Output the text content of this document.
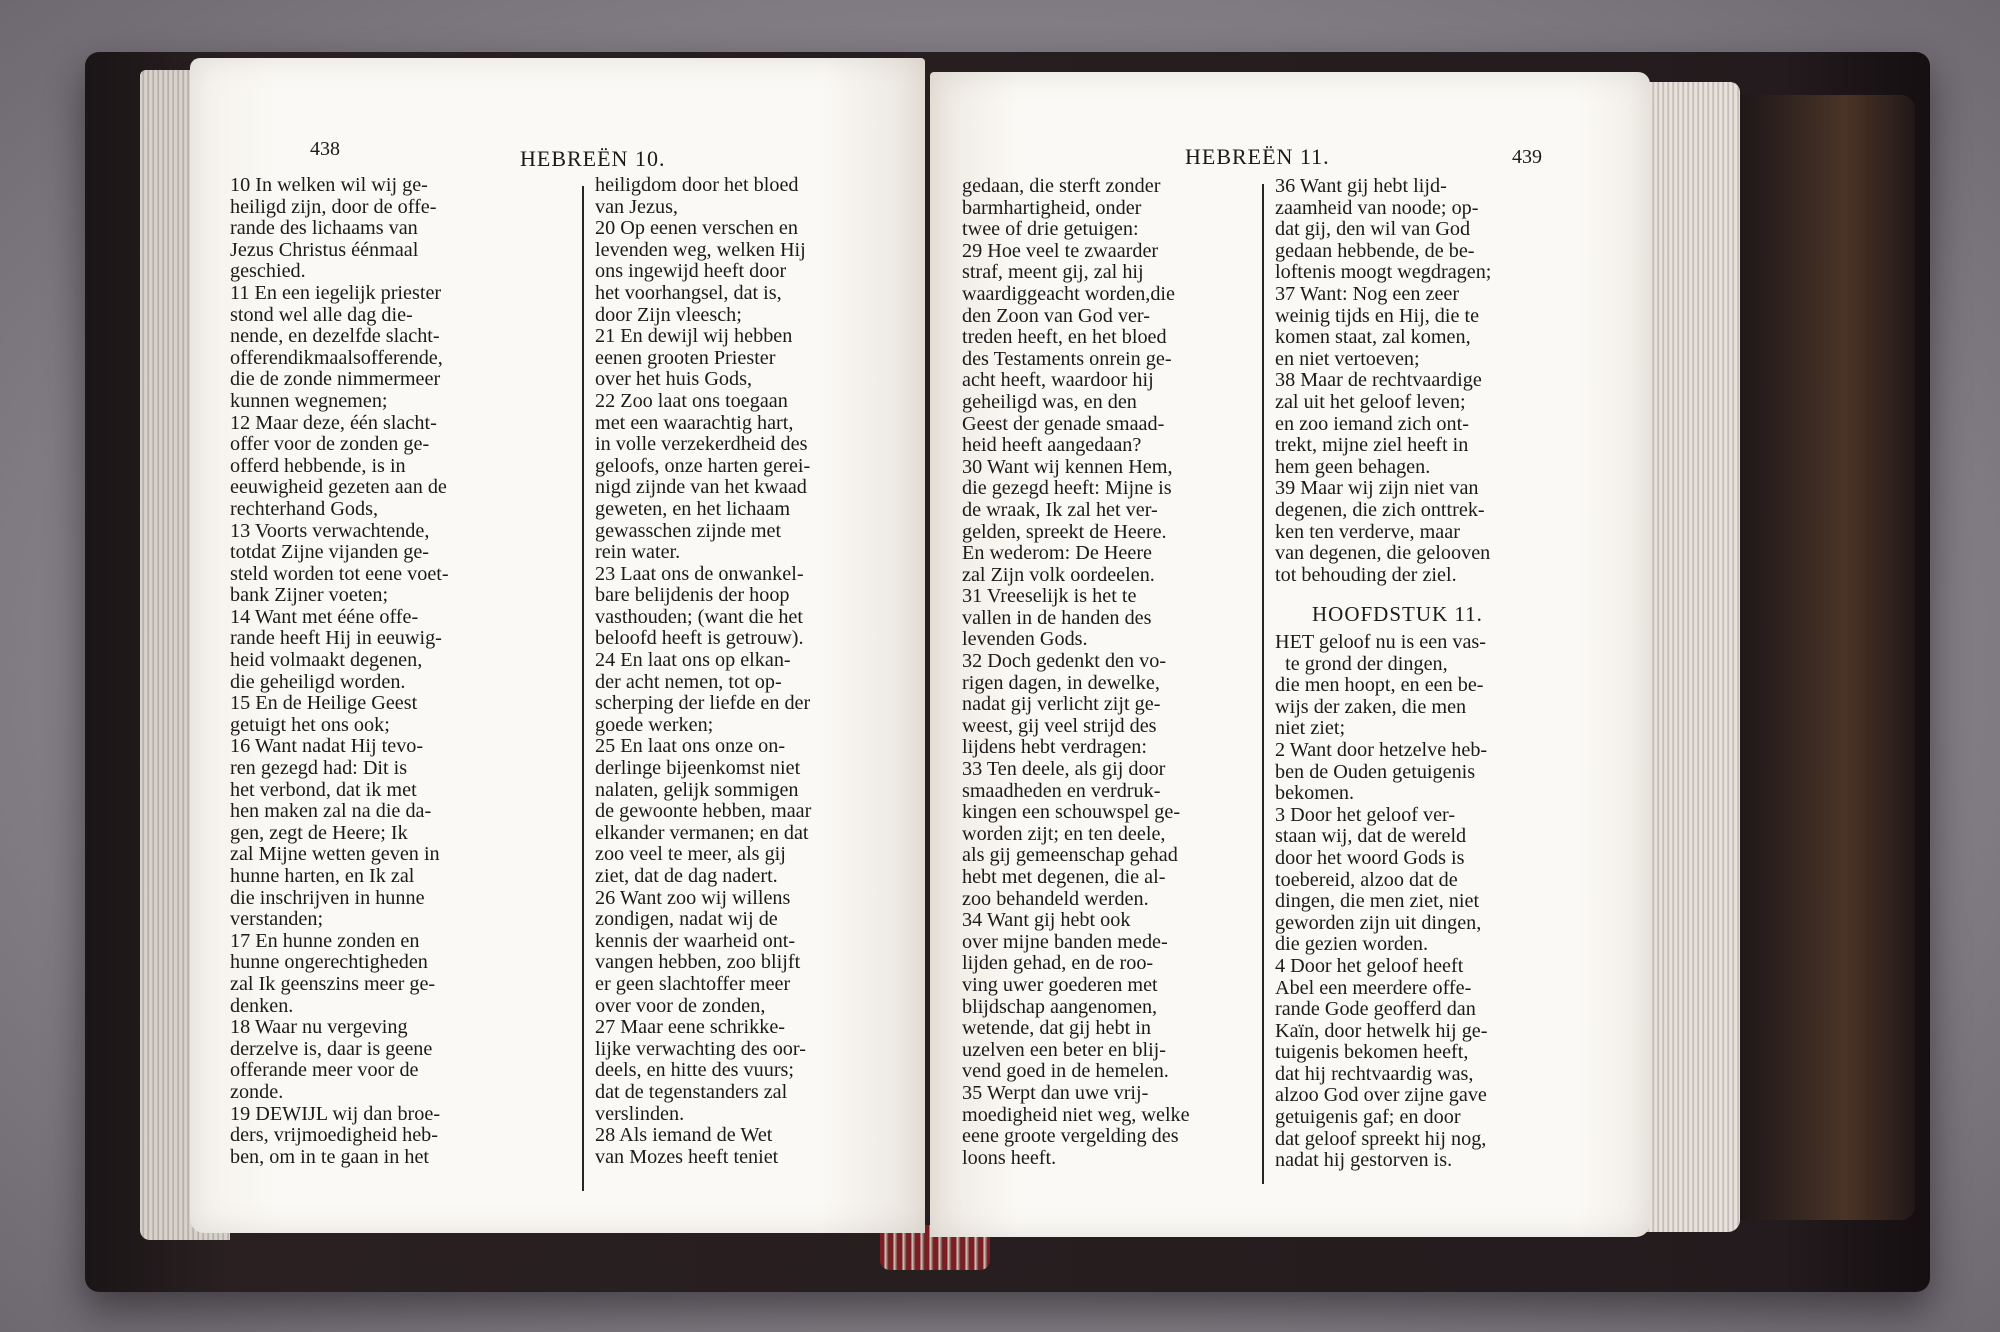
438	HEBREËN 10.
10 In welken wil wij ge-
heiligd zijn, door de offe-
rande des lichaams van
Jezus Christus éénmaal
geschied.
11 En een iegelijk priester
stond wel alle dag die-
nende, en dezelfde slacht-
offerendikmaalsofferende,
die de zonde nimmermeer
kunnen wegnemen;
12 Maar deze, één slacht-
offer voor de zonden ge-
offerd hebbende, is in
eeuwigheid gezeten aan de
rechterhand Gods,
13 Voorts verwachtende,
totdat Zijne vijanden ge-
steld worden tot eene voet-
bank Zijner voeten;
14 Want met ééne offe-
rande heeft Hij in eeuwig-
heid volmaakt degenen,
die geheiligd worden.
15 En de Heilige Geest
getuigt het ons ook;
16 Want nadat Hij tevo-
ren gezegd had: Dit is
het verbond, dat ik met
hen maken zal na die da-
gen, zegt de Heere; Ik
zal Mijne wetten geven in
hunne harten, en Ik zal
die inschrijven in hunne
verstanden;
17 En hunne zonden en
hunne ongerechtigheden
zal Ik geenszins meer ge-
denken.
18 Waar nu vergeving
derzelve is, daar is geene
offerande meer voor de
zonde.
19 DEWIJL wij dan broe-
ders, vrijmoedigheid heb-
ben, om in te gaan in het
heiligdom door het bloed
van Jezus,
20 Op eenen verschen en
levenden weg, welken Hij
ons ingewijd heeft door
het voorhangsel, dat is,
door Zijn vleesch;
21 En dewijl wij hebben
eenen grooten Priester
over het huis Gods,
22 Zoo laat ons toegaan
met een waarachtig hart,
in volle verzekerdheid des
geloofs, onze harten gerei-
nigd zijnde van het kwaad
geweten, en het lichaam
gewasschen zijnde met
rein water.
23 Laat ons de onwankel-
bare belijdenis der hoop
vasthouden; (want die het
beloofd heeft is getrouw).
24 En laat ons op elkan-
der acht nemen, tot op-
scherping der liefde en der
goede werken;
25 En laat ons onze on-
derlinge bijeenkomst niet
nalaten, gelijk sommigen
de gewoonte hebben, maar
elkander vermanen; en dat
zoo veel te meer, als gij
ziet, dat de dag nadert.
26 Want zoo wij willens
zondigen, nadat wij de
kennis der waarheid ont-
vangen hebben, zoo blijft
er geen slachtoffer meer
over voor de zonden,
27 Maar eene schrikke-
lijke verwachting des oor-
deels, en hitte des vuurs;
dat de tegenstanders zal
verslinden.
28 Als iemand de Wet
van Mozes heeft teniet
HEBREËN 11.	439
gedaan, die sterft zonder
barmhartigheid, onder
twee of drie getuigen:
29 Hoe veel te zwaarder
straf, meent gij, zal hij
waardiggeacht worden,die
den Zoon van God ver-
treden heeft, en het bloed
des Testaments onrein ge-
acht heeft, waardoor hij
geheiligd was, en den
Geest der genade smaad-
heid heeft aangedaan?
30 Want wij kennen Hem,
die gezegd heeft: Mijne is
de wraak, Ik zal het ver-
gelden, spreekt de Heere.
En wederom: De Heere
zal Zijn volk oordeelen.
31 Vreeselijk is het te
vallen in de handen des
levenden Gods.
32 Doch gedenkt den vo-
rigen dagen, in dewelke,
nadat gij verlicht zijt ge-
weest, gij veel strijd des
lijdens hebt verdragen:
33 Ten deele, als gij door
smaadheden en verdruk-
kingen een schouwspel ge-
worden zijt; en ten deele,
als gij gemeenschap gehad
hebt met degenen, die al-
zoo behandeld werden.
34 Want gij hebt ook
over mijne banden mede-
lijden gehad, en de roo-
ving uwer goederen met
blijdschap aangenomen,
wetende, dat gij hebt in
uzelven een beter en blij-
vend goed in de hemelen.
35 Werpt dan uwe vrij-
moedigheid niet weg, welke
eene groote vergelding des
loons heeft.
36 Want gij hebt lijd-
zaamheid van noode; op-
dat gij, den wil van God
gedaan hebbende, de be-
loftenis moogt wegdragen;
37 Want: Nog een zeer
weinig tijds en Hij, die te
komen staat, zal komen,
en niet vertoeven;
38 Maar de rechtvaardige
zal uit het geloof leven;
en zoo iemand zich ont-
trekt, mijne ziel heeft in
hem geen behagen.
39 Maar wij zijn niet van
degenen, die zich onttrek-
ken ten verderve, maar
van degenen, die gelooven
tot behouding der ziel.
HOOFDSTUK 11.
HET geloof nu is een vas-
te grond der dingen,
die men hoopt, en een be-
wijs der zaken, die men
niet ziet;
2 Want door hetzelve heb-
ben de Ouden getuigenis
bekomen.
3 Door het geloof ver-
staan wij, dat de wereld
door het woord Gods is
toebereid, alzoo dat de
dingen, die men ziet, niet
geworden zijn uit dingen,
die gezien worden.
4 Door het geloof heeft
Abel een meerdere offe-
rande Gode geofferd dan
Kaïn, door hetwelk hij ge-
tuigenis bekomen heeft,
dat hij rechtvaardig was,
alzoo God over zijne gave
getuigenis gaf; en door
dat geloof spreekt hij nog,
nadat hij gestorven is.
